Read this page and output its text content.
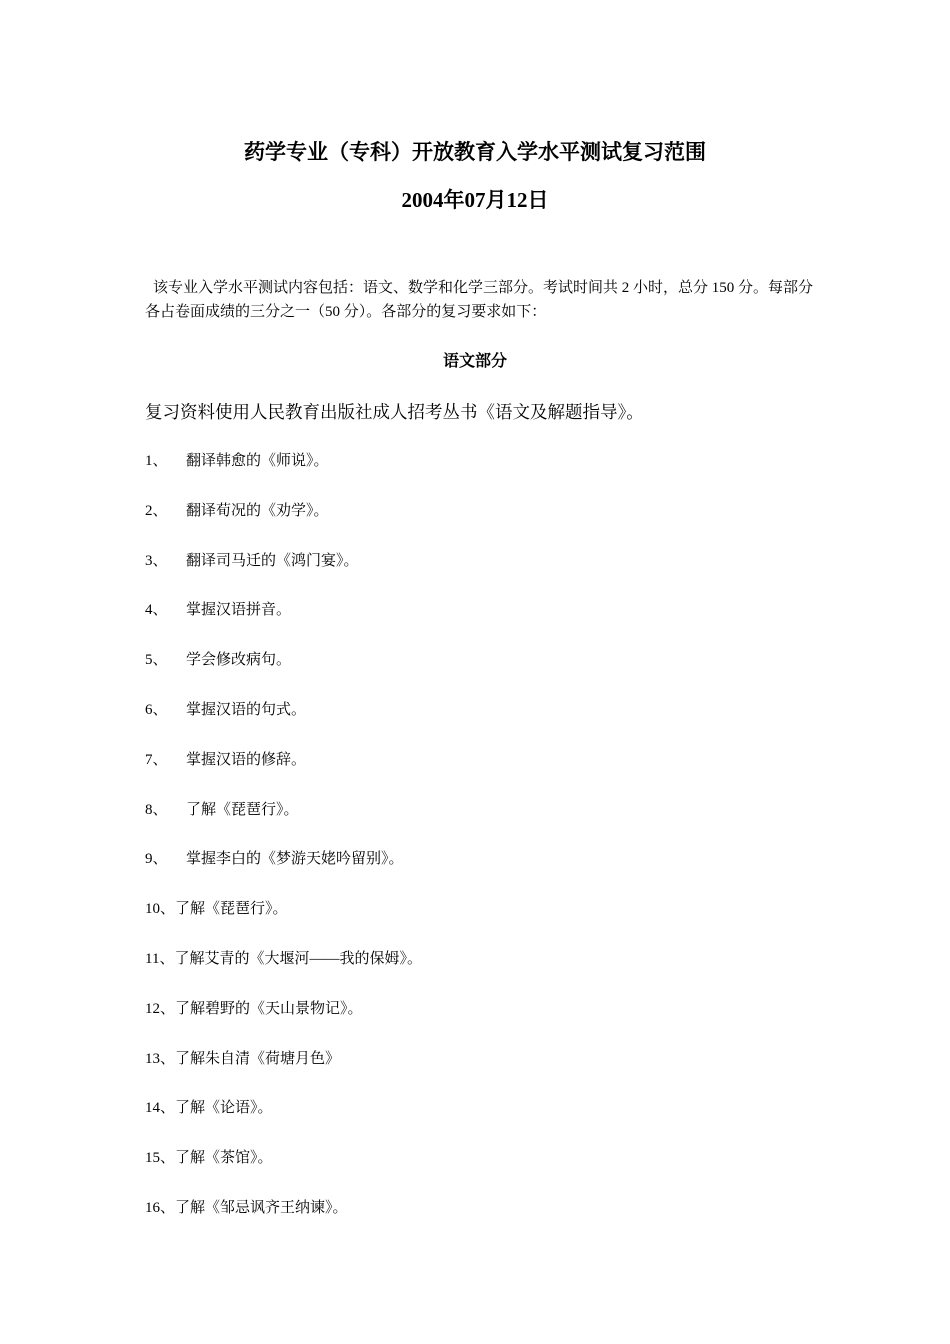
药学专业（专科）开放教育入学水平测试复习范围
2004年07月12日

该专业入学水平测试内容包括：语文、数学和化学三部分。考试时间共 2 小时，总分 150 分。每部分各占卷面成绩的三分之一（50 分）。各部分的复习要求如下：

语文部分

复习资料使用人民教育出版社成人招考丛书《语文及解题指导》。

1、 翻译韩愈的《师说》。
2、 翻译荀况的《劝学》。
3、 翻译司马迁的《鸿门宴》。
4、 掌握汉语拼音。
5、 学会修改病句。
6、 掌握汉语的句式。
7、 掌握汉语的修辞。
8、 了解《琵琶行》。
9、 掌握李白的《梦游天姥吟留别》。
10、了解《琵琶行》。
11、了解艾青的《大堰河——我的保姆》。
12、了解碧野的《天山景物记》。
13、了解朱自清《荷塘月色》
14、了解《论语》。
15、了解《茶馆》。
16、了解《邹忌讽齐王纳谏》。
